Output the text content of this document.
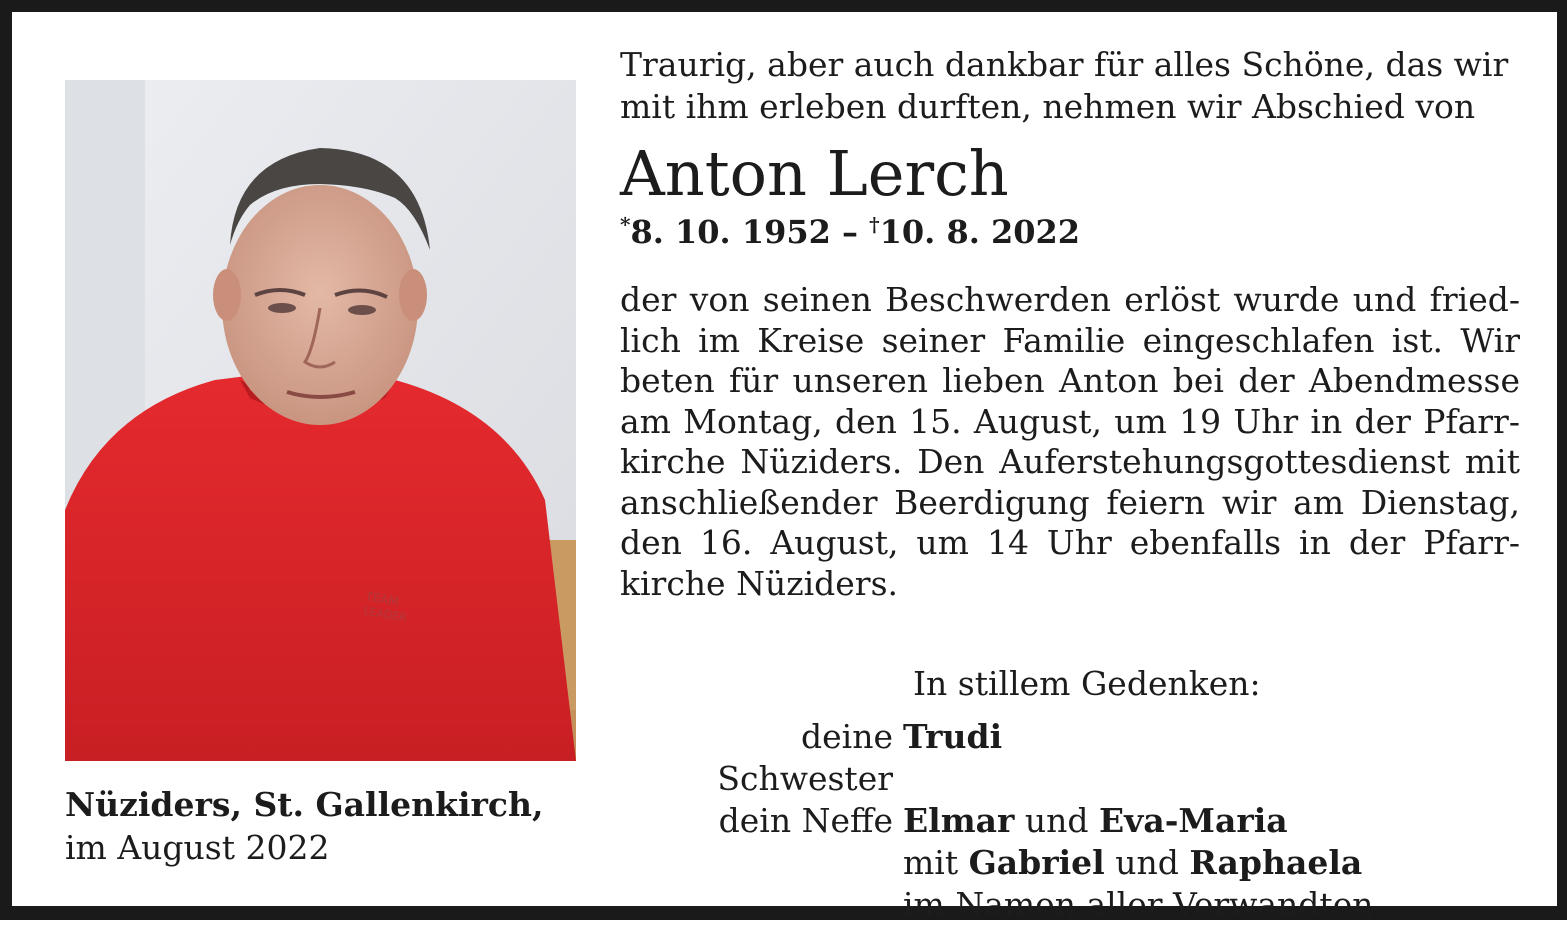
TEAM
LEADER
Nüziders, St. Gallenkirch,
im August 2022

Traurig, aber auch dankbar für alles Schöne, das wir
mit ihm erleben durften, nehmen wir Abschied von

Anton Lerch

*8. 10. 1952 – †10. 8. 2022

der von seinen Beschwerden erlöst wurde und fried-
lich im Kreise seiner Familie eingeschlafen ist. Wir
beten für unseren lieben Anton bei der Abendmesse
am Montag, den 15. August, um 19 Uhr in der Pfarr-
kirche Nüziders. Den Auferstehungsgottesdienst mit
anschließender Beerdigung feiern wir am Dienstag,
den 16. August, um 14 Uhr ebenfalls in der Pfarr-
kirche Nüziders.

In stillem Gedenken:
deine Schwester
Trudi
dein Neffe Elmar und Eva-Maria
mit Gabriel und Raphaela
im Namen aller Verwandten
